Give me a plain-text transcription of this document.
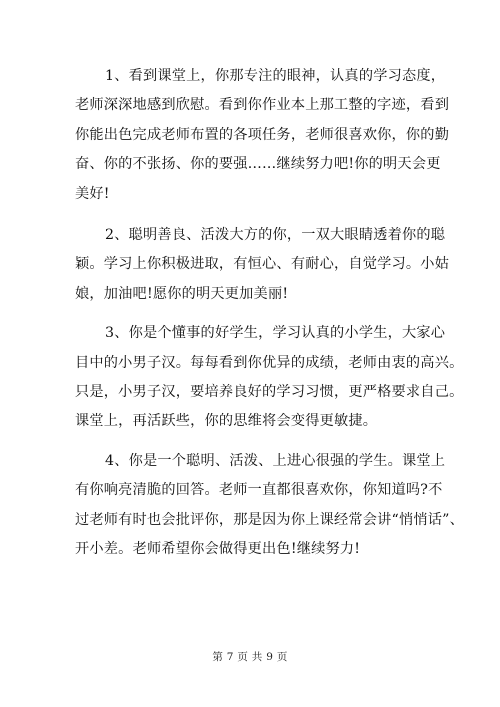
1、看到课堂上，你那专注的眼神，认真的学习态度，
老师深深地感到欣慰。看到你作业本上那工整的字迹，看到
你能出色完成老师布置的各项任务，老师很喜欢你，你的勤
奋、你的不张扬、你的要强……继续努力吧!你的明天会更
美好!

2、聪明善良、活泼大方的你，一双大眼睛透着你的聪
颖。学习上你积极进取，有恒心、有耐心，自觉学习。小姑
娘，加油吧!愿你的明天更加美丽!

3、你是个懂事的好学生，学习认真的小学生，大家心
目中的小男子汉。每每看到你优异的成绩，老师由衷的高兴。
只是，小男子汉，要培养良好的学习习惯，更严格要求自己。
课堂上，再活跃些，你的思维将会变得更敏捷。

4、你是一个聪明、活泼、上进心很强的学生。课堂上
有你响亮清脆的回答。老师一直都很喜欢你，你知道吗?不
过老师有时也会批评你，那是因为你上课经常会讲“悄悄话”、
开小差。老师希望你会做得更出色!继续努力!

第 7 页 共 9 页
